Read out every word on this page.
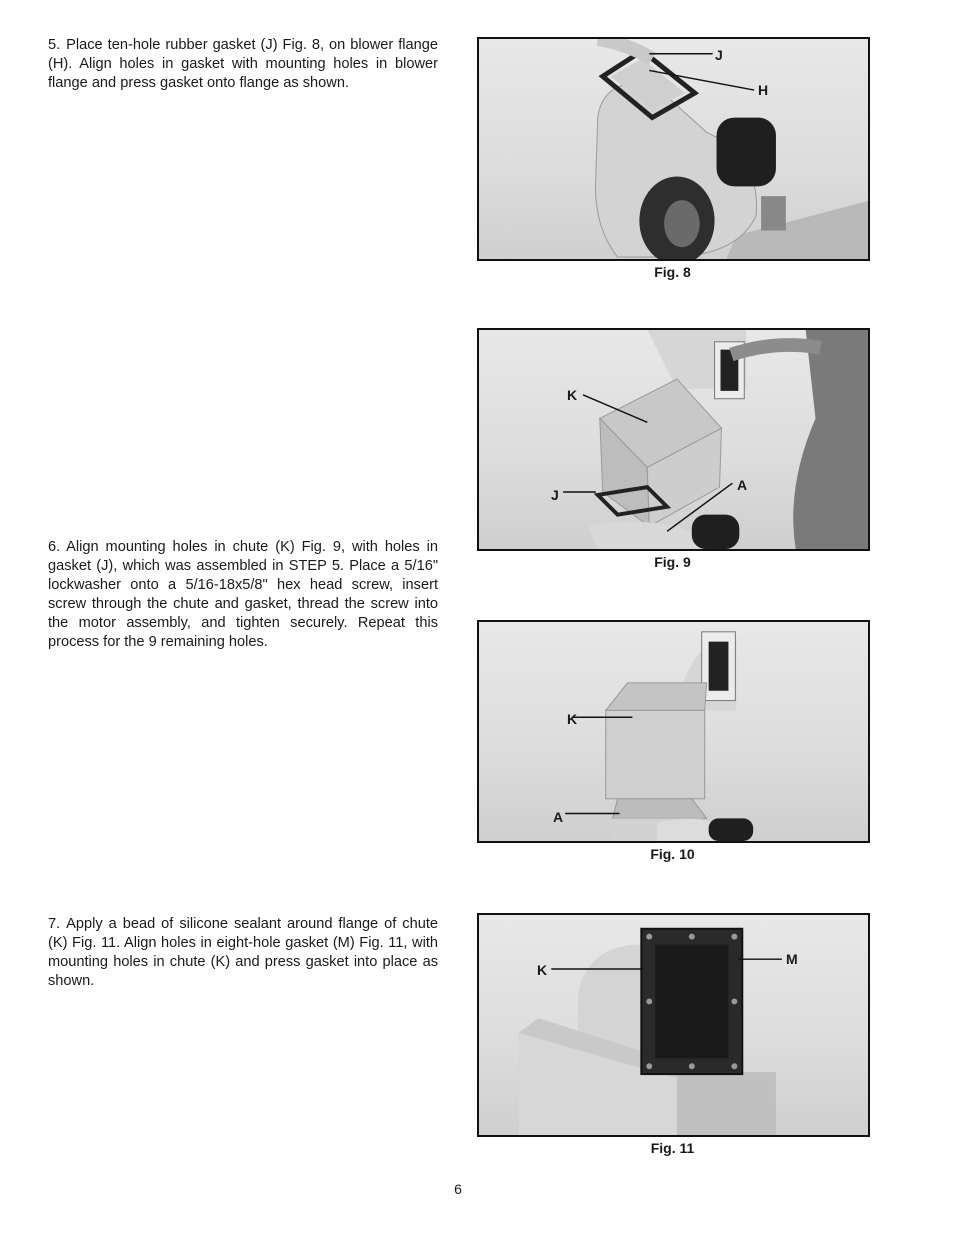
5. Place ten-hole rubber gasket (J) Fig. 8, on blower flange (H). Align holes in gasket with mounting holes in blower flange and press gasket onto flange as shown.
6. Align mounting holes in chute (K) Fig. 9, with holes in gasket (J), which was assembled in STEP 5. Place a 5/16" lockwasher onto a 5/16-18x5/8" hex head screw, insert screw through the chute and gasket, thread the screw into the motor assembly, and tighten securely. Repeat this process for the 9 remaining holes.
7. Apply a bead of silicone sealant around flange of chute (K) Fig. 11. Align holes in eight-hole gasket (M) Fig. 11, with mounting holes in chute (K) and press gasket into place as shown.
J
H
Fig. 8
K
J
A
Fig. 9
K
A
Fig. 10
K
M
Fig. 11
6
